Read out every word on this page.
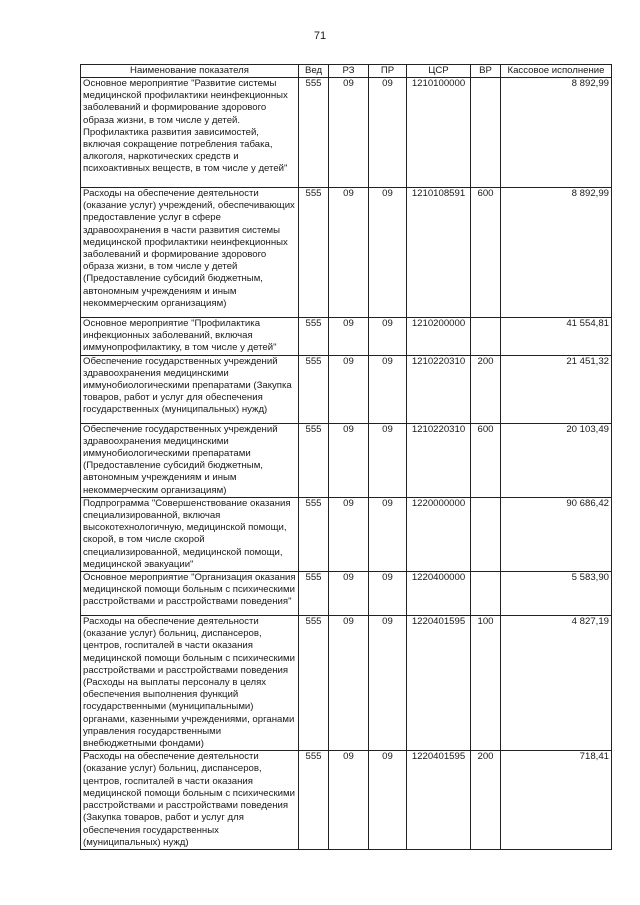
71
Наименование показателя	Вед	РЗ	ПР	ЦСР	ВР	Кассовое исполнение
Основное мероприятие "Развитие системы медицинской профилактики неинфекционных заболеваний и формирование здорового образа жизни, в том числе у детей. Профилактика развития зависимостей, включая сокращение потребления табака, алкоголя, наркотических средств и психоактивных веществ, в том числе у детей"	555	09	09	1210100000		8 892,99
Расходы на обеспечение деятельности (оказание услуг) учреждений, обеспечивающих предоставление услуг в сфере здравоохранения в части развития системы медицинской профилактики неинфекционных заболеваний и формирование здорового образа жизни, в том числе у детей (Предоставление субсидий бюджетным, автономным учреждениям и иным некоммерческим организациям)	555	09	09	1210108591	600	8 892,99
Основное мероприятие "Профилактика инфекционных заболеваний, включая иммунопрофилактику, в том числе у детей"	555	09	09	1210200000		41 554,81
Обеспечение государственных учреждений здравоохранения медицинскими иммунобиологическими препаратами (Закупка товаров, работ и услуг для обеспечения государственных (муниципальных) нужд)	555	09	09	1210220310	200	21 451,32
Обеспечение государственных учреждений здравоохранения медицинскими иммунобиологическими препаратами (Предоставление субсидий бюджетным, автономным учреждениям и иным некоммерческим организациям)	555	09	09	1210220310	600	20 103,49
Подпрограмма "Совершенствование оказания специализированной, включая высокотехнологичную, медицинской помощи, скорой, в том числе скорой специализированной, медицинской помощи, медицинской эвакуации"	555	09	09	1220000000		90 686,42
Основное мероприятие "Организация оказания медицинской помощи больным с психическими расстройствами и расстройствами поведения"	555	09	09	1220400000		5 583,90
Расходы на обеспечение деятельности (оказание услуг) больниц, диспансеров, центров, госпиталей в части оказания медицинской помощи больным с психическими расстройствами и расстройствами поведения (Расходы на выплаты персоналу в целях обеспечения выполнения функций государственными (муниципальными) органами, казенными учреждениями, органами управления государственными внебюджетными фондами)	555	09	09	1220401595	100	4 827,19
Расходы на обеспечение деятельности (оказание услуг) больниц, диспансеров, центров, госпиталей в части оказания медицинской помощи больным с психическими расстройствами и расстройствами поведения (Закупка товаров, работ и услуг для обеспечения государственных (муниципальных) нужд)	555	09	09	1220401595	200	718,41
